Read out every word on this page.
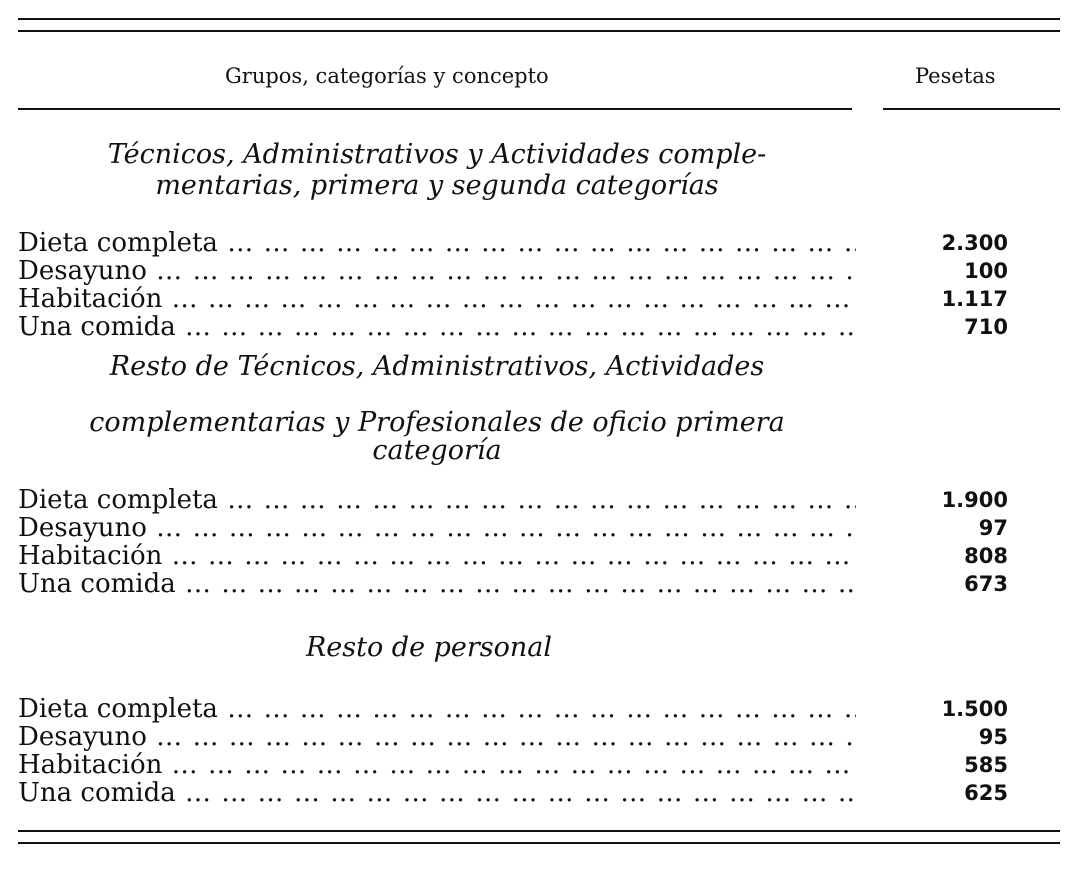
Grupos, categorías y concepto	Pesetas
Técnicos, Administrativos y Actividades comple-
mentarias, primera y segunda categorías
Dieta completa … … … … … … … … … … … … … … … … … … … … … … … …	2.300
Desayuno … … … … … … … … … … … … … … … … … … … … … … … …	100
Habitación … … … … … … … … … … … … … … … … … … … … … … … …	1.117
Una comida … … … … … … … … … … … … … … … … … … … … … … … …	710
Resto de Técnicos, Administrativos, Actividades
complementarias y Profesionales de oficio primera
categoría
Dieta completa … … … … … … … … … … … … … … … … … … … … … … … …	1.900
Desayuno … … … … … … … … … … … … … … … … … … … … … … … …	97
Habitación … … … … … … … … … … … … … … … … … … … … … … … …	808
Una comida … … … … … … … … … … … … … … … … … … … … … … … …	673
Resto de personal
Dieta completa … … … … … … … … … … … … … … … … … … … … … … … …	1.500
Desayuno … … … … … … … … … … … … … … … … … … … … … … … …	95
Habitación … … … … … … … … … … … … … … … … … … … … … … … …	585
Una comida … … … … … … … … … … … … … … … … … … … … … … … …	625
